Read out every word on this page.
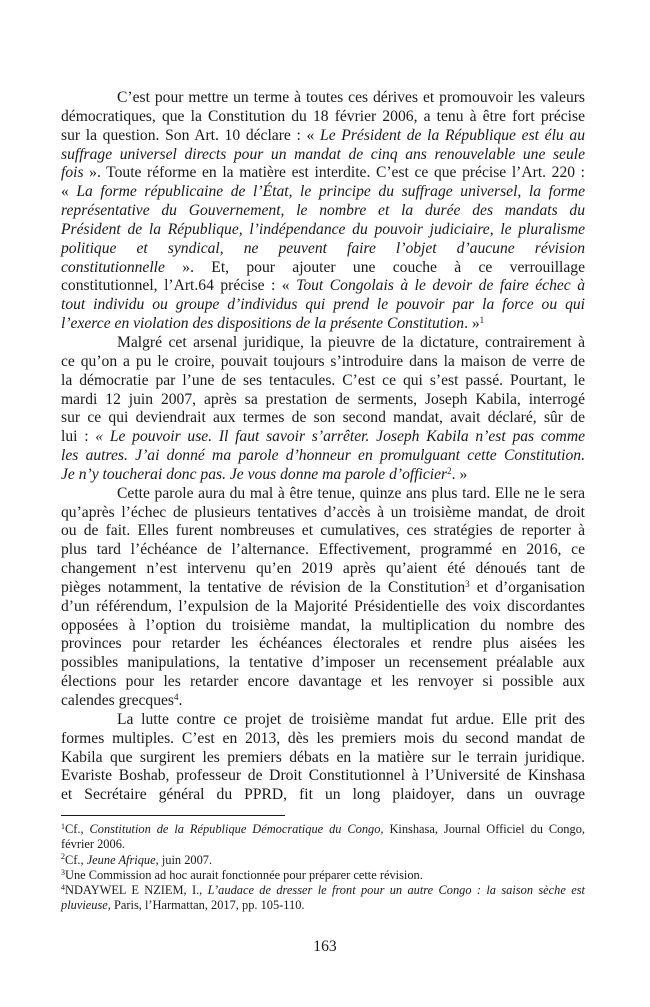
C’est pour mettre un terme à toutes ces dérives et promouvoir les valeurs
démocratiques, que la Constitution du 18 février 2006, a tenu à être fort précise
sur la question. Son Art. 10 déclare : « Le Président de la République est élu au
suffrage universel directs pour un mandat de cinq ans renouvelable une seule
fois ». Toute réforme en la matière est interdite. C’est ce que précise l’Art. 220 :
« La forme républicaine de l’État, le principe du suffrage universel, la forme
représentative du Gouvernement, le nombre et la durée des mandats du
Président de la République, l’indépendance du pouvoir judiciaire, le pluralisme
politique et syndical, ne peuvent faire l’objet d’aucune révision
constitutionnelle ». Et, pour ajouter une couche à ce verrouillage
constitutionnel, l’Art.64 précise : « Tout Congolais à le devoir de faire échec à
tout individu ou groupe d’individus qui prend le pouvoir par la force ou qui
l’exerce en violation des dispositions de la présente Constitution. »$^1$
Malgré cet arsenal juridique, la pieuvre de la dictature, contrairement à
ce qu’on a pu le croire, pouvait toujours s’introduire dans la maison de verre de
la démocratie par l’une de ses tentacules. C’est ce qui s’est passé. Pourtant, le
mardi 12 juin 2007, après sa prestation de serments, Joseph Kabila, interrogé
sur ce qui deviendrait aux termes de son second mandat, avait déclaré, sûr de
lui : « Le pouvoir use. Il faut savoir s’arrêter. Joseph Kabila n’est pas comme
les autres. J’ai donné ma parole d’honneur en promulguant cette Constitution.
Je n’y toucherai donc pas. Je vous donne ma parole d’officier$^2$. »
Cette parole aura du mal à être tenue, quinze ans plus tard. Elle ne le sera
qu’après l’échec de plusieurs tentatives d’accès à un troisième mandat, de droit
ou de fait. Elles furent nombreuses et cumulatives, ces stratégies de reporter à
plus tard l’échéance de l’alternance. Effectivement, programmé en 2016, ce
changement n’est intervenu qu’en 2019 après qu’aient été dénoués tant de
pièges notamment, la tentative de révision de la Constitution$^3$ et d’organisation
d’un référendum, l’expulsion de la Majorité Présidentielle des voix discordantes
opposées à l’option du troisième mandat, la multiplication du nombre des
provinces pour retarder les échéances électorales et rendre plus aisées les
possibles manipulations, la tentative d’imposer un recensement préalable aux
élections pour les retarder encore davantage et les renvoyer si possible aux
calendes grecques$^4$.
La lutte contre ce projet de troisième mandat fut ardue. Elle prit des
formes multiples. C’est en 2013, dès les premiers mois du second mandat de
Kabila que surgirent les premiers débats en la matière sur le terrain juridique.
Evariste Boshab, professeur de Droit Constitutionnel à l’Université de Kinshasa
et Secrétaire général du PPRD, fit un long plaidoyer, dans un ouvrage
$^1$Cf., Constitution de la République Démocratique du Congo, Kinshasa, Journal Officiel du Congo,
février 2006.
$^2$Cf., Jeune Afrique, juin 2007.
$^3$Une Commission ad hoc aurait fonctionnée pour préparer cette révision.
$^4$NDAYWEL E NZIEM, I., L’audace de dresser le front pour un autre Congo : la saison sèche est
pluvieuse, Paris, l’Harmattan, 2017, pp. 105-110.
163
